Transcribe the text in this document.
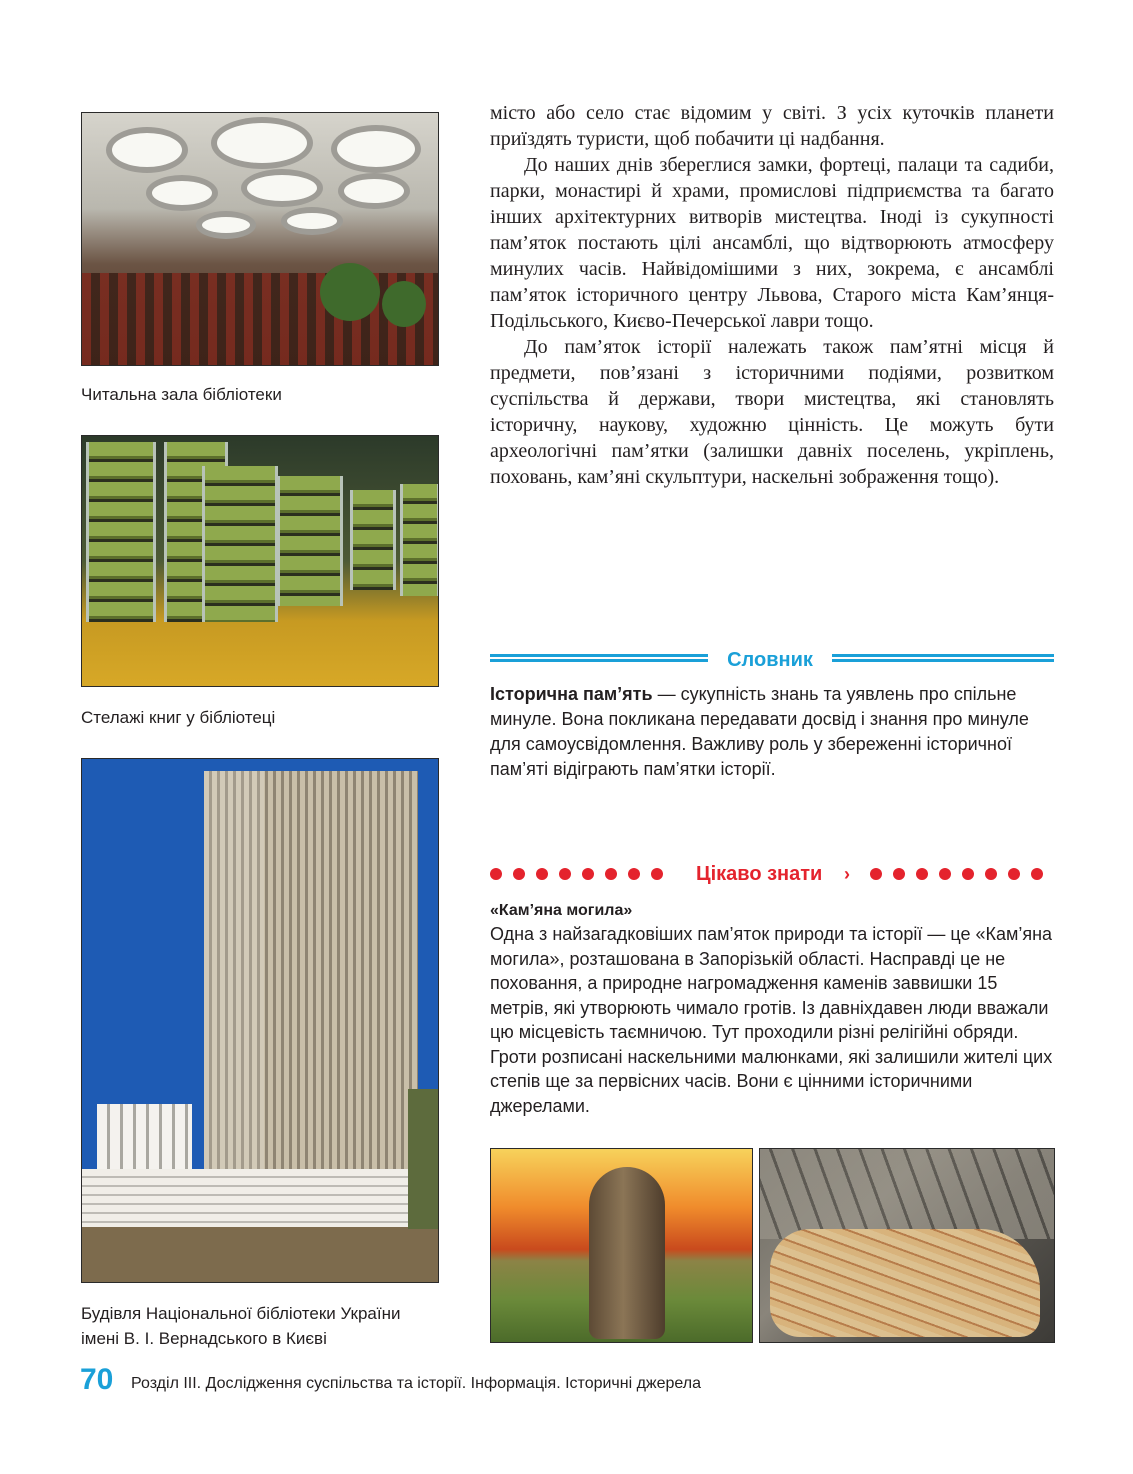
Читальна зала бібліотеки
Стелажі книг у бібліотеці
Будівля Національної бібліотеки України
імені В. І. Вернадського в Києві

місто або село стає відомим у світі. З усіх куточків планети приїздять туристи, щоб побачити ці надбання.

До наших днів збереглися замки, фортеці, палаци та садиби, парки, монастирі й храми, промислові підприємства та багато інших архітектурних витворів мистецтва. Іноді із сукупності пам’яток постають цілі ансамблі, що відтворюють атмосферу минулих часів. Найвідомішими з них, зокрема, є ансамблі пам’яток історичного центру Львова, Старого міста Кам’янця-Подільського, Києво-Печерської лаври тощо.

До пам’яток історії належать також пам’ятні місця й предмети, пов’язані з історичними подіями, розвитком суспільства й держави, твори мистецтва, які становлять історичну, наукову, художню цінність. Це можуть бути археологічні пам’ятки (залишки давніх поселень, укріплень, поховань, кам’яні скульптури, наскельні зображення тощо).

Словник
Історична пам’ять — сукупність знань та уявлень про спільне минуле. Вона покликана передавати досвід і знання про минуле для самоусвідомлення. Важливу роль у збереженні історичної пам’яті відіграють пам’ятки історії.
Цікаво знати ›
«Кам’яна могила»
Одна з найзагадковіших пам’яток природи та історії — це «Кам’яна могила», розташована в Запорізькій області. Насправді це не поховання, а природне нагромадження каменів заввишки 15 метрів, які утворюють чимало гротів. Із давніхдавен люди вважали цю місцевість таємничою. Тут проходили різні релігійні обряди. Гроти розписані наскельними малюнками, які залишили жителі цих степів ще за первісних часів. Вони є цінними історичними джерелами.
70 Розділ ІІІ. Дослідження суспільства та історії. Інформація. Історичні джерела
